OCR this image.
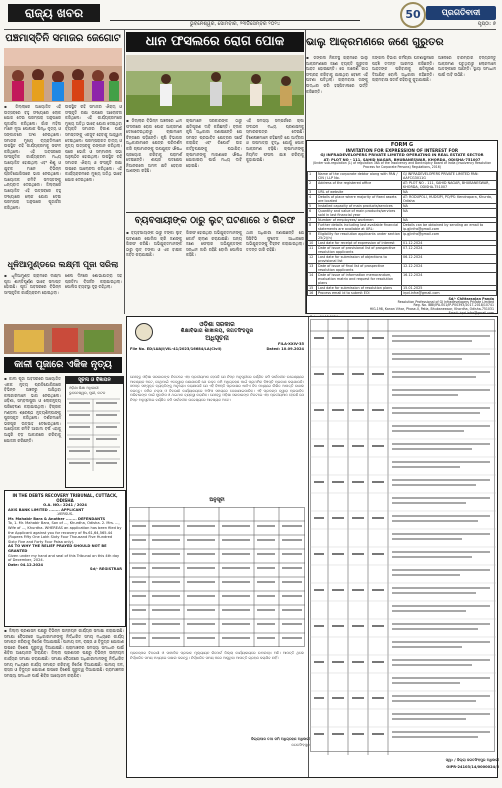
ରାଜ୍ୟ ଖବର
ଭୁବନେଶ୍ୱର, ସୋମବାର, ୨୩ଡିସେମ୍ବର ୨୦୨୪
50	ପ୍ରଗତିବାଦୀ
ପୃଷ୍ଠା: ୭
ପଞ୍ଚମାସ୍ତିନି ସମାଜର ଜେଗୋଟ
▪ ଜିଲ୍ଲାରେ ଆୟୋଜିତ ଏହି ଉତ୍ସବରେ ବହୁ ସଂଖ୍ୟାରେ ଲୋକ ଯୋଗ ଦେଇ ପରମ୍ପରା ଅନୁସାରେ ପୂଜାର୍ଚ୍ଚନା କରିଥିଲେ। ଗାଁର ମହିଳା ମାନେ ନୂଆ ପୋଷାକ ପିନ୍ଧି ନୃତ୍ୟ ଓ ସଙ୍ଗୀତରେ ଅଂଶ ନେଇଥିଲେ। ସମାଜର ମୁଖ୍ୟ ବ୍ୟକ୍ତିମାନେ ଉପସ୍ଥିତ ରହି କାର୍ଯ୍ୟକ୍ରମକୁ ସଫଳ କରିଥିଲେ। ଏହି ଅବସରରେ ସାଂସ୍କୃତିକ କାର୍ଯ୍ୟକ୍ରମ ମଧ୍ୟ ଆୟୋଜିତ ହୋଇଥିଲା ଏବଂ ଶିଶୁ ଓ ଯୁବକ ମାନେ ବିଭିନ୍ନ ପ୍ରତିଯୋଗିତାରେ ଭାଗ ନେଇଥିଲେ। ଆୟୋଜକ କମିଟି ସମସ୍ତଙ୍କୁ ଧନ୍ୟବାଦ ଦେଇଥିଲେ। ଜିଲ୍ଲାରେ ଆୟୋଜିତ ଏହି ଉତ୍ସବରେ ବହୁ ସଂଖ୍ୟାରେ ଲୋକ ଯୋଗ ଦେଇ ପରମ୍ପରା ଅନୁସାରେ ପୂଜାର୍ଚ୍ଚନା କରିଥିଲେ।
ଉପସ୍ଥିତ ରହି ସମାଜର ଐକ୍ୟ ଓ ସଂସ୍କୃତି ରକ୍ଷା ଉପରେ ଆଲୋଚନା କରିଥିଲେ। ଏହି କାର୍ଯ୍ୟକ୍ରମରେ ମୁଖ୍ୟ ଅତିଥି ଭାବେ ଯୋଗ ଦେଇଥିବା ବ୍ୟକ୍ତି ସମାଜର ବିକାଶ ପାଇଁ ସମସ୍ତଙ୍କୁ ଏକଜୁଟ ହେବାକୁ ଆହ୍ୱାନ ଦେଇଥିଲେ। ପରମ୍ପରାଗତ ବାଦ୍ୟ ଓ ନୃତ୍ୟ ଉତ୍ସବକୁ ରଙ୍ଗୀନ କରିଥିଲା। ପରେ ଭୋଜି ଓ ସମ୍ମାନନା ସଭା ଅନୁଷ୍ଠିତ ହୋଇଥିଲା। ଉପସ୍ଥିତ ରହି ସମାଜର ଐକ୍ୟ ଓ ସଂସ୍କୃତି ରକ୍ଷା ଉପରେ ଆଲୋଚନା କରିଥିଲେ। ଏହି କାର୍ଯ୍ୟକ୍ରମରେ ମୁଖ୍ୟ ଅତିଥି ଭାବେ ଯୋଗ ଦେଇଥିଲେ।
ଧୂଳିଆମୁଣ୍ଡରେ ଲକ୍ଷ୍ମୀ ପୂଜା ସରିଲା
▪ ଧୂଳିଆମୁଣ୍ଡ ଗ୍ରାମରେ ଲକ୍ଷ୍ମୀ ପୂଜା ଶାନ୍ତିପୂର୍ଣ୍ଣ ଭାବେ ସମାପ୍ତ ହୋଇଛି। ପୂଜା ଅବସରରେ ବିଭିନ୍ନ ସାଂସ୍କୃତିକ କାର୍ଯ୍ୟକ୍ରମ ହୋଇଥିଲା।
ଶେଷ ଦିନରେ ଶୋଭାଯାତ୍ରା ସହ ପ୍ରତିମା ବିସର୍ଜନ କରାଯାଇଥିଲା। ପୋଲିସ ବ୍ୟବସ୍ଥା ଦୃଢ଼ ରହିଥିଲା।
କାଳୀ ପୂଜାରେ ଏକିକ ନୃତ୍ୟ
▪ କାଳୀ ପୂଜା ଅବସରରେ ଆୟୋଜିତ ଏକକ ନୃତ୍ୟ ପ୍ରତିଯୋଗିତାରେ ବିଭିନ୍ନ ଅଞ୍ଚଳରୁ ଆସିଥିବା କଳାକାରମାନେ ଭାଗ ନେଇଥିଲେ। ଓଡ଼ିଶୀ, ସମ୍ବଲପୁରୀ ଓ ଲୋକନୃତ୍ୟ ପରିବେଷଣ କରାଯାଇଥିଲା। ବିଚାରକ ମଣ୍ଡଳୀ ଶ୍ରେଷ୍ଠ ନୃତ୍ୟଶିଳ୍ପୀଙ୍କୁ ପୁରସ୍କୃତ କରିଥିଲେ। ଦର୍ଶକମାନେ ଭରପୂର ଉତ୍ସାହ ଦେଖାଇଥିଲେ। ଆୟୋଜକ କମିଟି ଆଗାମୀ ବର୍ଷ ଏହାକୁ ଆହୁରି ବଡ଼ ଆକାରରେ କରିବାକୁ ଯୋଜନା କରିଛନ୍ତି।
ସୂଚନା ଓ ବିଜ୍ଞାପନ
ଓଡ଼ିଶା ଶିକ୍ଷା ଅଧିକାରୀ
ଭୁବନେଶ୍ୱର, ପୁରୀ, କଟକ
IN THE DEBTS RECOVERY TRIBUNAL, CUTTACK, ODISHA
O.A. NO.: 2241 / 2024
AXIS BANK LIMITED ........ APPLICANT
-VERSUS-
Mr. Mahabir Bara & Another ........ DEFENDANTS
To, 1. Mr. Mahabir Bara, Son of ..., Khurdha, Odisha. 2. Mrs. ..., Wife of ..., Khurdha. WHEREAS an application has been filed by the Applicant against you for recovery of Rs.61,64,565.44 (Rupees Fifty One Lakh Sixty Four Thousand Five Hundred Sixty Five and Forty Four Paisa only).
AS TO WHY THE RELIEF PRAYED SHOULD NOT BE GRANTED
Given under my hand and seal of this Tribunal on this 4th day of December, 2024.
Date: 04.12.2024
Sd/- REGISTRAR
ଧାନ ଫସଲରେ ରୋଗ ପୋକ	ଭାଲୁ ଆକ୍ରମଣରେ ଜଣେ ଗୁରୁତର
▪ ଜିଲ୍ଲାର ବିଭିନ୍ନ ଅଞ୍ଚଳରେ ଧାନ ଫସଲରେ ରୋଗ ପୋକ ଆକ୍ରମଣ ଦେଖାଦେଇଥିବାରୁ ଚାଷୀମାନେ ଚିନ୍ତାରେ ପଡ଼ିଛନ୍ତି। କୃଷି ବିଭାଗର ଅଧିକାରୀମାନେ କ୍ଷେତ୍ର ପରିଦର୍ଶନ କରି ଚାଷୀମାନଙ୍କୁ ଉପଯୁକ୍ତ ଔଷଧ ପ୍ରୟୋଗ କରିବାକୁ ପରାମର୍ଶ ଦେଇଛନ୍ତି। ଶୀଘ୍ର ପଦକ୍ଷେପ ନିଆନଗଲେ ଅମଳ କ୍ଷତି ହେବାର ଆଶଙ୍କା ରହିଛି।
ଚାଷୀମାନେ ସରକାରଙ୍କ ଠାରୁ କ୍ଷତିପୂରଣ ଦାବି କରିଛନ୍ତି। ବ୍ଲକ କୃଷି ଅଧିକାରୀ ଜଣାଇଛନ୍ତି ଯେ ସମସ୍ତ ପ୍ରଭାବିତ କ୍ଷେତ୍ରର ସର୍ଭେ କରାଯିବ ଏବଂ ରିପୋର୍ଟ ଉଚ୍ଚ କର୍ତ୍ତୃପକ୍ଷଙ୍କୁ ପଠାଯିବ। ଚାଷୀମାନଙ୍କୁ ମାଗଣାରେ ଔଷଧ ଯୋଗାଇବା ପାଇଁ ମଧ୍ୟ ଦାବି ହୋଇଛି।
ଏହି ସମସ୍ୟା ସମ୍ପର୍କରେ ଚାଷୀ ସଂଗଠନ ମଧ୍ୟ ପ୍ରଶାସନକୁ ସ୍ମାରକପତ୍ର ଦେଇଛି। ବିଶେଷଜ୍ଞମାନେ କହିଛନ୍ତି ଯେ ଆର୍ଦ୍ରତା ଓ ତାପମାତ୍ରା ବୃଦ୍ଧି ଯୋଗୁଁ ପୋକ ଆକ୍ରମଣ ବଢ଼ିଛି। ଚାଷୀମାନଙ୍କୁ ନିୟମିତ ଫସଲ ଯାଞ୍ଚ କରିବାକୁ କୁହାଯାଇଛି।
ବ୍ୟବସାୟୀଙ୍କ ଠାରୁ ଲୁଟ୍ ଘଟଣାରେ ୪ ଗିରଫ
▪ ବ୍ୟବସାୟୀଙ୍କ ଠାରୁ ଟଙ୍କା ଲୁଟ୍ ଘଟଣାରେ ପୋଲିସ ଚାରି ଜଣଙ୍କୁ ଗିରଫ କରିଛି। ଅଭିଯୁକ୍ତମାନଙ୍କ ଠାରୁ ଲୁଟ୍ ଟଙ୍କା ଓ ଏକ ବାଇକ ଜବତ କରାଯାଇଛି।
ଗିରଫ ହୋଇଥିବା ଅଭିଯୁକ୍ତମାନଙ୍କୁ କୋର୍ଟ ଚାଲାଣ କରାଯାଇଛି। ଅନ୍ୟ ଜଣେ ଫେରାର ଅଭିଯୁକ୍ତଙ୍କ ସନ୍ଧାନ ଜାରି ରହିଛି ବୋଲି ପୋଲିସ କହିଛି।
ଥାନା ଅଧିକାରୀ ଜଣାଇଛନ୍ତି ଯେ ସିସିଟିଭି ଫୁଟେଜ ଆଧାରରେ ଅଭିଯୁକ୍ତଙ୍କୁ ଚିହ୍ନଟ କରାଯାଇଥିଲା। ତଦନ୍ତ ଜାରି ରହିଛି।
▪ ଜଙ୍ଗଲ ନିକଟସ୍ଥ ଗ୍ରାମରେ ଭାଲୁ ଆକ୍ରମଣରେ ଜଣେ ବ୍ୟକ୍ତି ଗୁରୁତର ଆହତ ହୋଇଛନ୍ତି। ସେ ଜାଳେଣି କାଠ ସଂଗ୍ରହ କରିବାକୁ ଯାଇଥିବା ବେଳେ ଏହି ଘଟଣା ଘଟିଥିଲା। ଗ୍ରାମବାସୀ ତାଙ୍କୁ ଉଦ୍ଧାର କରି ହସ୍ପିଟାଲରେ ଭର୍ତ୍ତି କରିଛନ୍ତି।
ଜଙ୍ଗଲ ବିଭାଗ କର୍ମଚାରୀ ଘଟଣାସ୍ଥଳରେ ପହଞ୍ଚି ତଦନ୍ତ ଆରମ୍ଭ କରିଛନ୍ତି। ଆହତଙ୍କ ପରିବାରକୁ କ୍ଷତିପୂରଣ ଦିଆଯିବ ବୋଲି ଅଧିକାରୀ କହିଛନ୍ତି। ଗ୍ରାମବାସୀ ସତର୍କ ରହିବାକୁ କୁହାଯାଇଛି।
ଅଞ୍ଚଳରେ ବାରମ୍ବାର ବନ୍ୟଜନ୍ତୁ ଆକ୍ରମଣ ଘଟୁଥିବାରୁ ଲୋକମାନେ ଆତଙ୍କରେ ଅଛନ୍ତି। ସ୍ଥାୟୀ ସମାଧାନ ପାଇଁ ଦାବି ଉଠିଛି।
FORM G
INVITATION FOR EXPRESSION OF INTEREST FOR
GJ INFRADEVELOPERS PRIVATE LIMITED OPERATING IN REAL ESTATE SECTOR
AT: PLOT NO - 111, SAHID NAGAR, BHUBANESWAR, KHORDA, ODISHA-751007
(Under sub-regulation (1) of regulation 36A of the Insolvency and Bankruptcy Board of India (Insolvency Resolution Process for Corporate Persons) Regulations, 2016)
1	Name of the corporate debtor along with PAN / CIN / LLP No.	GJ INFRADEVELOPERS PRIVATE LIMITED PAN: AAFCG3011G
2	Address of the registered office	AT: PLOT NO - 111, SAHID NAGAR, BHUBANESWAR, KHORDA, ODISHA-751007
3	URL of website	NA
4	Details of place where majority of fixed assets are located	AT: RODUPOLI, HUDSIPI, PO/PS: Kendrapara, Khurda, Odisha
5	Installed capacity of main products/services	NA
6	Quantity and value of main products/services sold in last financial year	NA
7	Number of employees/ workmen	NA
8	Further details including last available financial statements are available at URL:	Details can be obtained by sending an email to ip.gjinfra@gmail.com
9	Eligibility for resolution applicants under section 25(2)(h)	ip.gjinfra@gmail.com
10	Last date for receipt of expression of interest	01.12.2024
11	Date of issue of provisional list of prospective resolution applicants	07.12.2024
12	Last date for submission of objections to provisional list	06.12.2024
13	Date of issue of final list of prospective resolution applicants	12.12.2024
14	Date of issue of information memorandum, evaluation matrix and request for resolution plans	16.12.2024
15	Last date for submission of resolution plans	15.01.2025
16	Process email id to submit EOI	irpd.infra@gmail.com
Sd/- Chittaranjan Panda
Resolution Professional of GJ Infradevelopers Private Limited
Reg. No. IBBI/IPA-001/IP-P00393/2017-2018/10741
HIG-198, Kanan Vihar, Phase-II, Patia, Bhubaneswar, Khordha, Odisha-751031
Email: irpd.infra@gmail.com
ଓଡ଼ିଶା ସରକାର
ଶିକ୍ଷାବିଭାଗ ଶାଖାଳୟ, ଜଗତସିଂହପୁର
ଅଧିସୂଚନା
FILA-XXIV-35
File No. ED/LUAJI/VIL-41/2023/16684/LA(Civil)	Dated: 10.09.2024
ଯେହେତୁ ଓଡ଼ିଶା ସରକାରଙ୍କ ନିକଟରେ ଏହା ପ୍ରତୀୟମାନ ହେଉଛି ଯେ ନିମ୍ନ ଅନୁସୂଚୀରେ ବର୍ଣ୍ଣିତ ଜମି ସାର୍ବଜନୀନ ଉଦ୍ଦେଶ୍ୟରେ ଆବଶ୍ୟକ ଅଟେ, ସେଥିପାଇଁ ଏତଦ୍ୱାରା ଜଣାଯାଉଛି ଯେ ଉକ୍ତ ଜମି ଅଧିଗ୍ରହଣ ପାଇଁ ପ୍ରାଥମିକ ବିଜ୍ଞପ୍ତି ପ୍ରକାଶ କରାଯାଉଛି। ସମସ୍ତ ସମ୍ପୃକ୍ତ ବ୍ୟକ୍ତିଙ୍କୁ ଅନୁରୋଧ କରାଯାଉଛି ଯେ ଏହି ବିଜ୍ଞପ୍ତି ପ୍ରକାଶର ଷାଠିଏ ଦିନ ମଧ୍ୟରେ ଲିଖିତ ଆପତ୍ତି ଦାଖଲ କରନ୍ତୁ। ଜମିର ନକ୍ସା ଓ ବିବରଣୀ କାର୍ଯ୍ୟାଳୟରେ ଅଫିସ ସମୟରେ ଦେଖାଯାଇପାରିବ। ଏହି ପ୍ରକଳ୍ପ ଦ୍ୱାରା ପ୍ରଭାବିତ ପରିବାରଙ୍କ ପାଇଁ ପୁନର୍ବାସ ଓ ଥଇଥାନ ବ୍ୟବସ୍ଥା କରାଯିବ। ଯେହେତୁ ଓଡ଼ିଶା ସରକାରଙ୍କ ନିକଟରେ ଏହା ପ୍ରତୀୟମାନ ହେଉଛି ଯେ ନିମ୍ନ ଅନୁସୂଚୀରେ ବର୍ଣ୍ଣିତ ଜମି ସାର୍ବଜନୀନ ଉଦ୍ଦେଶ୍ୟରେ ଆବଶ୍ୟକ ଅଟେ।
ଅନୁସୂଚୀ
ପ୍ରକଳ୍ପର ବିବରଣୀ ଓ ସାମାଜିକ ପ୍ରଭାବ ମୂଲ୍ୟାୟନ ରିପୋର୍ଟ ଜିଲ୍ଲା କାର୍ଯ୍ୟାଳୟରେ ଉପଲବ୍ଧ ଅଛି। ଆପତ୍ତି ଥିଲେ ନିର୍ଦ୍ଧାରିତ ସମୟ ମଧ୍ୟରେ ଦାଖଲ କରନ୍ତୁ। ନିର୍ଦ୍ଧାରିତ ସମୟ ପରେ ଆସୁଥିବା ଆପତ୍ତି ଗ୍ରହଣ କରାଯିବ ନାହିଁ।
ଜିଲ୍ଲାପାଳ ତଥା ଜମି ଅଧିଗ୍ରହଣ ଅଧିକାରୀ
ଜଗତସିଂହପୁର
ସ୍ୱା: / ଜିଲ୍ଲା ଜଗତସିଂହପୁର ଅଧିକାରୀ
OIPR-24103/14/0000024/5
▪ ଜିଲ୍ଲା ପ୍ରଶାସନ ପକ୍ଷରୁ ବିଭିନ୍ନ ଉନ୍ନୟନ କାର୍ଯ୍ୟର ସମୀକ୍ଷା କରାଯାଇଛି। ସମୀକ୍ଷା ବୈଠକରେ ଅଧିକାରୀମାନଙ୍କୁ ନିର୍ଦ୍ଧାରିତ ସମୟ ମଧ୍ୟରେ କାର୍ଯ୍ୟ ସମାପ୍ତ କରିବାକୁ ନିର୍ଦ୍ଦେଶ ଦିଆଯାଇଛି। ପାନୀୟ ଜଳ, ରାସ୍ତା ଓ ବିଦ୍ୟୁତ ଯୋଗାଣ ଉପରେ ବିଶେଷ ଗୁରୁତ୍ୱ ଦିଆଯାଇଛି। ଗ୍ରାମାଞ୍ଚଳର ସମସ୍ୟା ସମାଧାନ ପାଇଁ ଶିବିର ଆୟୋଜନ କରାଯିବ। ଜିଲ୍ଲା ପ୍ରଶାସନ ପକ୍ଷରୁ ବିଭିନ୍ନ ଉନ୍ନୟନ କାର୍ଯ୍ୟର ସମୀକ୍ଷା କରାଯାଇଛି। ସମୀକ୍ଷା ବୈଠକରେ ଅଧିକାରୀମାନଙ୍କୁ ନିର୍ଦ୍ଧାରିତ ସମୟ ମଧ୍ୟରେ କାର୍ଯ୍ୟ ସମାପ୍ତ କରିବାକୁ ନିର୍ଦ୍ଦେଶ ଦିଆଯାଇଛି। ପାନୀୟ ଜଳ, ରାସ୍ତା ଓ ବିଦ୍ୟୁତ ଯୋଗାଣ ଉପରେ ବିଶେଷ ଗୁରୁତ୍ୱ ଦିଆଯାଇଛି। ଗ୍ରାମାଞ୍ଚଳର ସମସ୍ୟା ସମାଧାନ ପାଇଁ ଶିବିର ଆୟୋଜନ କରାଯିବ।
